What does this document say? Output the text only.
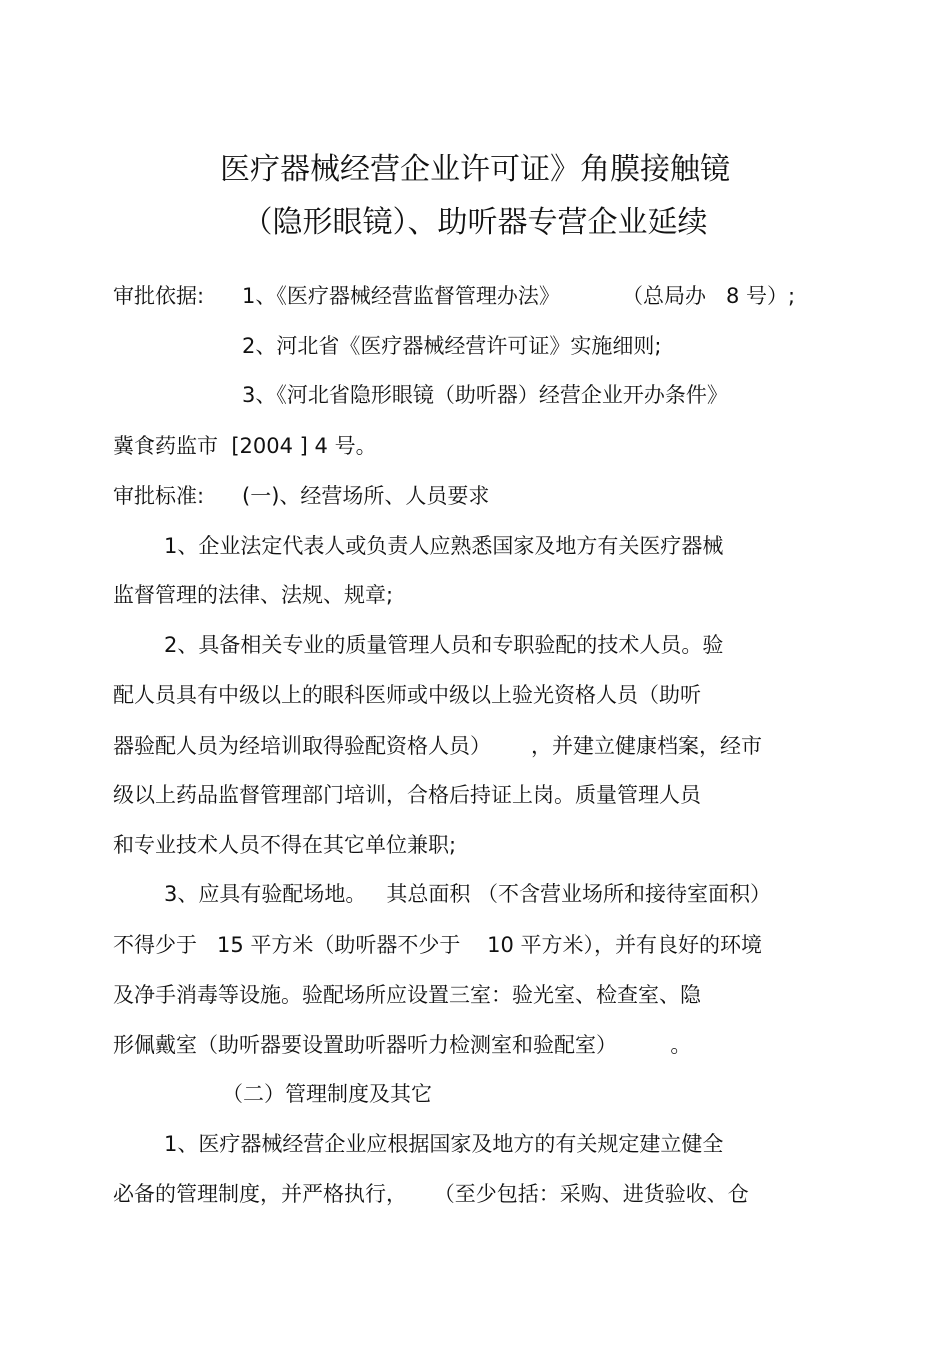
医疗器械经营企业许可证》角膜接触镜
（隐形眼镜）、助听器专营企业延续
审批依据: 1、《医疗器械经营监督管理办法》	（总局办   8 号）;
2、河北省《医疗器械经营许可证》实施细则;
3、《河北省隐形眼镜（助听器）经营企业开办条件》
冀食药监市  [2004 ] 4 号。
审批标准: (一)、经营场所、人员要求
1、企业法定代表人或负责人应熟悉国家及地方有关医疗器械
监督管理的法律、法规、规章;
2、具备相关专业的质量管理人员和专职验配的技术人员。验
配人员具有中级以上的眼科医师或中级以上验光资格人员（助听
器验配人员为经培训取得验配资格人员）      ，并建立健康档案，经市
级以上药品监督管理部门培训，合格后持证上岗。质量管理人员
和专业技术人员不得在其它单位兼职;
3、应具有验配场地。   其总面积 （不含营业场所和接待室面积）
不得少于   15 平方米（助听器不少于    10 平方米），并有良好的环境
及净手消毒等设施。验配场所应设置三室：验光室、检查室、隐
形佩戴室（助听器要设置助听器听力检测室和验配室）        。
（二）管理制度及其它
1、医疗器械经营企业应根据国家及地方的有关规定建立健全
必备的管理制度，并严格执行，    （至少包括：采购、进货验收、仓
